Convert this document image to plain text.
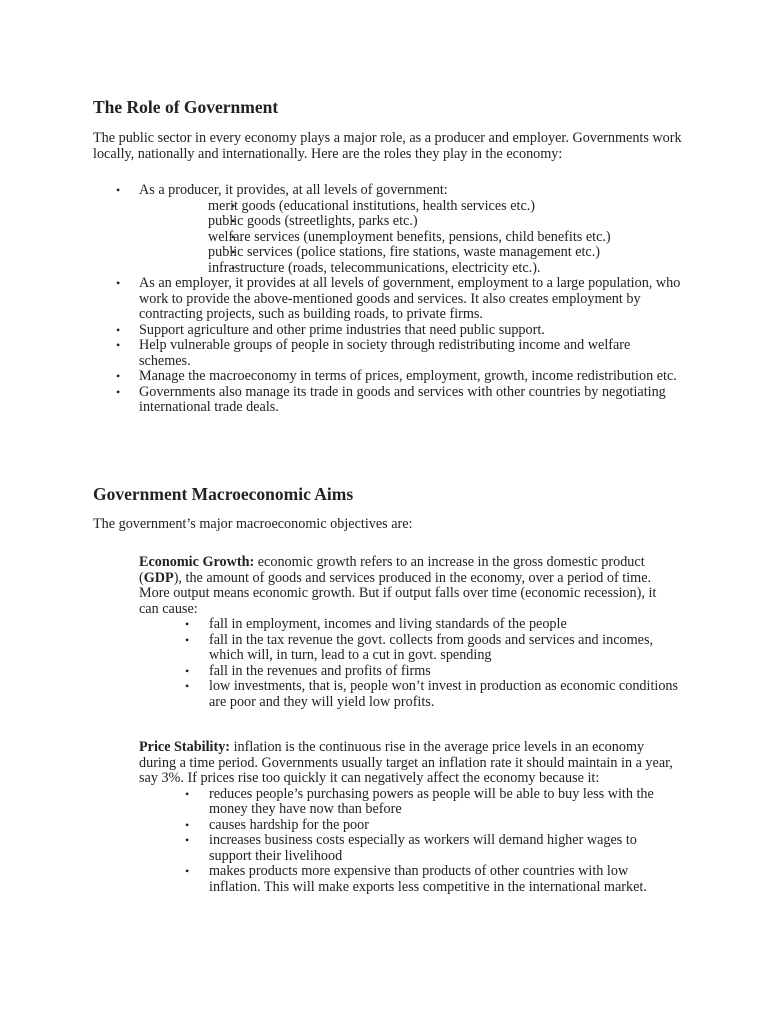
The Role of Government

The public sector in every economy plays a major role, as a producer and employer. Governments work locally, nationally and internationally. Here are the roles they play in the economy:

• As a producer, it provides, at all levels of government:
• merit goods (educational institutions, health services etc.)
• public goods (streetlights, parks etc.)
• welfare services (unemployment benefits, pensions, child benefits etc.)
• public services (police stations, fire stations, waste management etc.)
• infrastructure (roads, telecommunications, electricity etc.).
• As an employer, it provides at all levels of government, employment to a large population, who work to provide the above-mentioned goods and services. It also creates employment by contracting projects, such as building roads, to private firms.
• Support agriculture and other prime industries that need public support.
• Help vulnerable groups of people in society through redistributing income and welfare schemes.
• Manage the macroeconomy in terms of prices, employment, growth, income redistribution etc.
• Governments also manage its trade in goods and services with other countries by negotiating international trade deals.
Government Macroeconomic Aims

The government’s major macroeconomic objectives are:

Economic Growth: economic growth refers to an increase in the gross domestic product (GDP), the amount of goods and services produced in the economy, over a period of time. More output means economic growth. But if output falls over time (economic recession), it can cause:

• fall in employment, incomes and living standards of the people
• fall in the tax revenue the govt. collects from goods and services and incomes, which will, in turn, lead to a cut in govt. spending
• fall in the revenues and profits of firms
• low investments, that is, people won’t invest in production as economic conditions are poor and they will yield low profits.

Price Stability: inflation is the continuous rise in the average price levels in an economy during a time period. Governments usually target an inflation rate it should maintain in a year, say 3%. If prices rise too quickly it can negatively affect the economy because it:

• reduces people’s purchasing powers as people will be able to buy less with the money they have now than before
• causes hardship for the poor
• increases business costs especially as workers will demand higher wages to support their livelihood
• makes products more expensive than products of other countries with low inflation. This will make exports less competitive in the international market.
